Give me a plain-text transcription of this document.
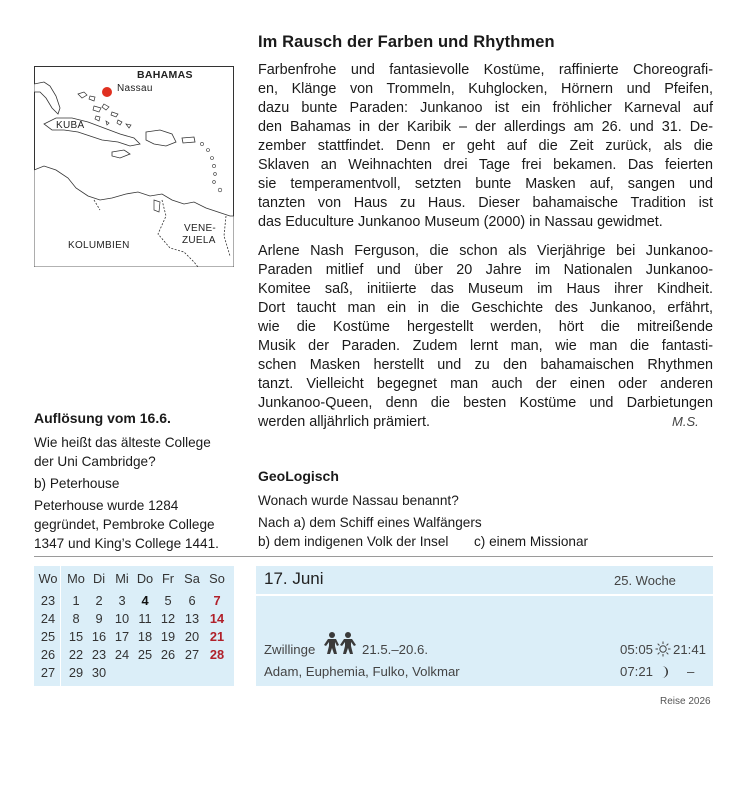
BAHAMAS
Nassau
KUBA
KOLUMBIEN
VENE-
ZUELA
Im Rausch der Farben und Rhythmen
Farbenfrohe und fantasievolle Kostüme, raffinierte Choreografi-
en, Klänge von Trommeln, Kuhglocken, Hörnern und Pfeifen,
dazu bunte Paraden: Junkanoo ist ein fröhlicher Karneval auf
den Bahamas in der Karibik – der allerdings am 26. und 31. De-
zember stattfindet. Denn er geht auf die Zeit zurück, als die
Sklaven an Weihnachten drei Tage frei bekamen. Das feierten
sie temperamentvoll, setzten bunte Masken auf, sangen und
tanzten von Haus zu Haus. Dieser bahamaische Tradition ist
das Educulture Junkanoo Museum (2000) in Nassau gewidmet.
Arlene Nash Ferguson, die schon als Vierjährige bei Junkanoo-
Paraden mitlief und über 20 Jahre im Nationalen Junkanoo-
Komitee saß, initiierte das Museum im Haus ihrer Kindheit.
Dort taucht man ein in die Geschichte des Junkanoo, erfährt,
wie die Kostüme hergestellt werden, hört die mitreißende
Musik der Paraden. Zudem lernt man, wie man die fantasti-
schen Masken herstellt und zu den bahamaischen Rhythmen
tanzt. Vielleicht begegnet man auch der einen oder anderen
Junkanoo-Queen, denn die besten Kostüme und Darbietungen
werden alljährlich prämiert.	M.S.
Auflösung vom 16.6.
Wie heißt das älteste College
der Uni Cambridge?
b) Peterhouse
Peterhouse wurde 1284
gegründet, Pembroke College
1347 und King’s College 1441.
GeoLogisch
Wonach wurde Nassau benannt?
Nach a) dem Schiff eines Walfängers
b) dem indigenen Volk der Insel c) einem Missionar
Wo Mo Di Mi Do Fr Sa So
23	1	2	3	4	5	6	7
24	8	9 10 11 12 13 14
25	15 16 17 18 19 20 21
26	22 23 24 25 26 27 28
27	29 30
17. Juni	25. Woche
Zwillinge	21.5.–20.6.
Adam, Euphemia, Fulko, Volkmar
05:05 21:41
07:21	–
Reise 2026
